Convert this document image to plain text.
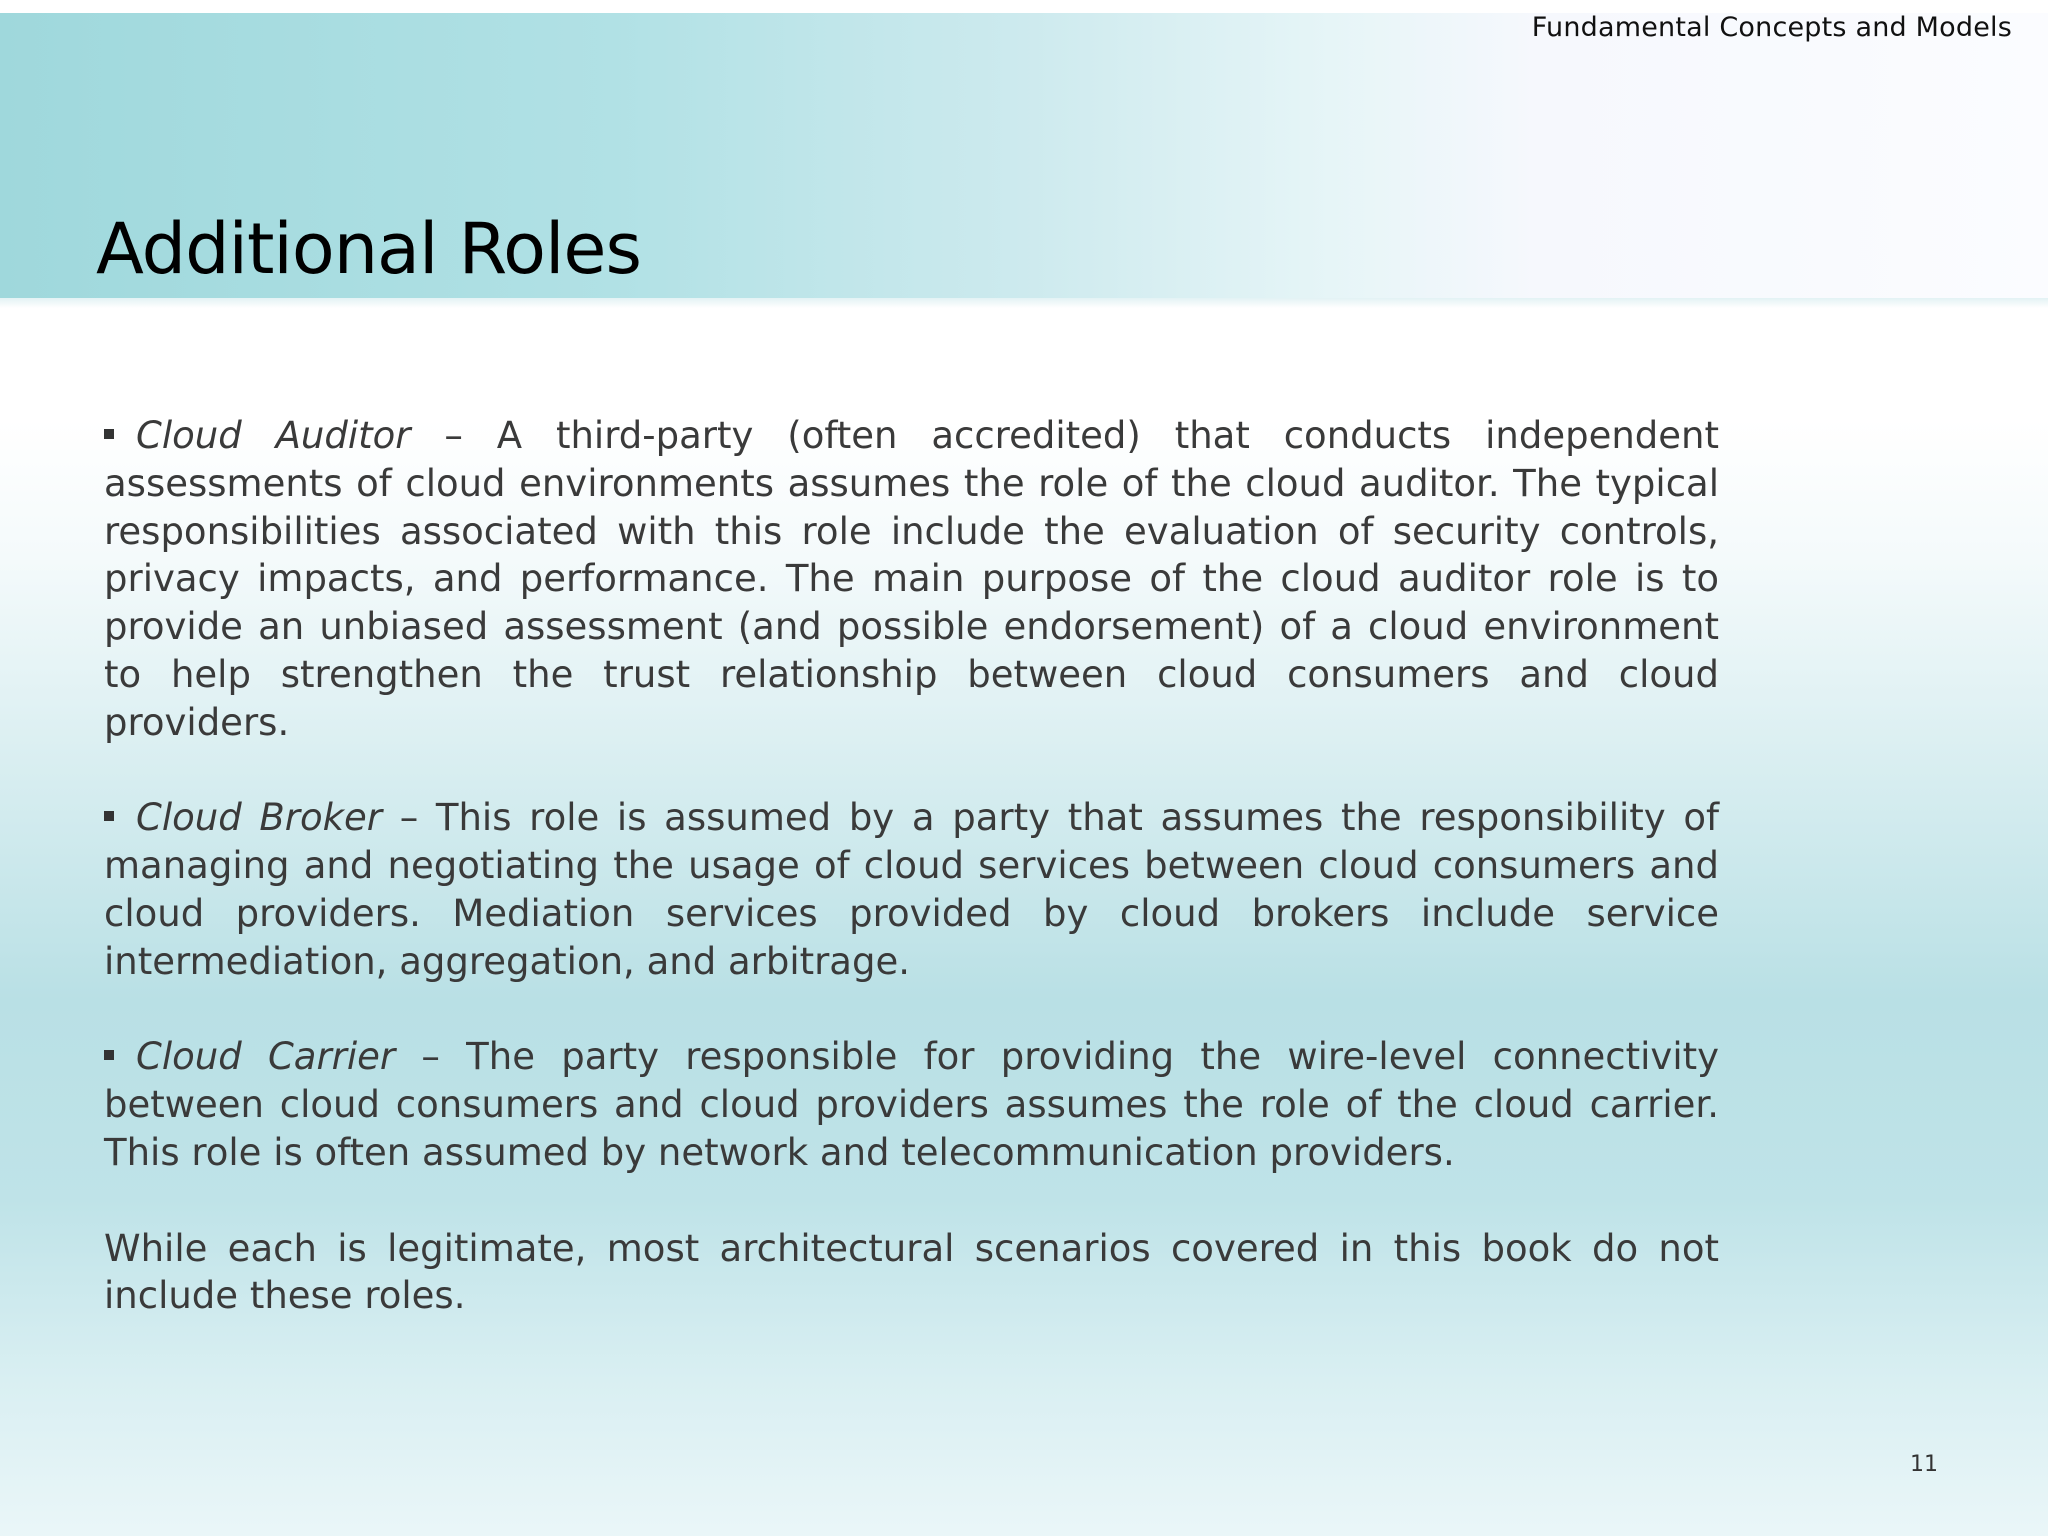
Fundamental Concepts and Models
Additional Roles

Cloud Auditor – A third-party (often accredited) that conducts independent assessments of cloud environments assumes the role of the cloud auditor. The typical responsibilities associated with this role include the evaluation of security controls, privacy impacts, and performance. The main purpose of the cloud auditor role is to provide an unbiased assessment (and possible endorsement) of a cloud environment to help strengthen the trust relationship between cloud consumers and cloud providers.

Cloud Broker – This role is assumed by a party that assumes the responsibility of managing and negotiating the usage of cloud services between cloud consumers and cloud providers. Mediation services provided by cloud brokers include service intermediation, aggregation, and arbitrage.

Cloud Carrier – The party responsible for providing the wire-level connectivity between cloud consumers and cloud providers assumes the role of the cloud carrier. This role is often assumed by network and telecommunication providers.

While each is legitimate, most architectural scenarios covered in this book do not include these roles.

11
